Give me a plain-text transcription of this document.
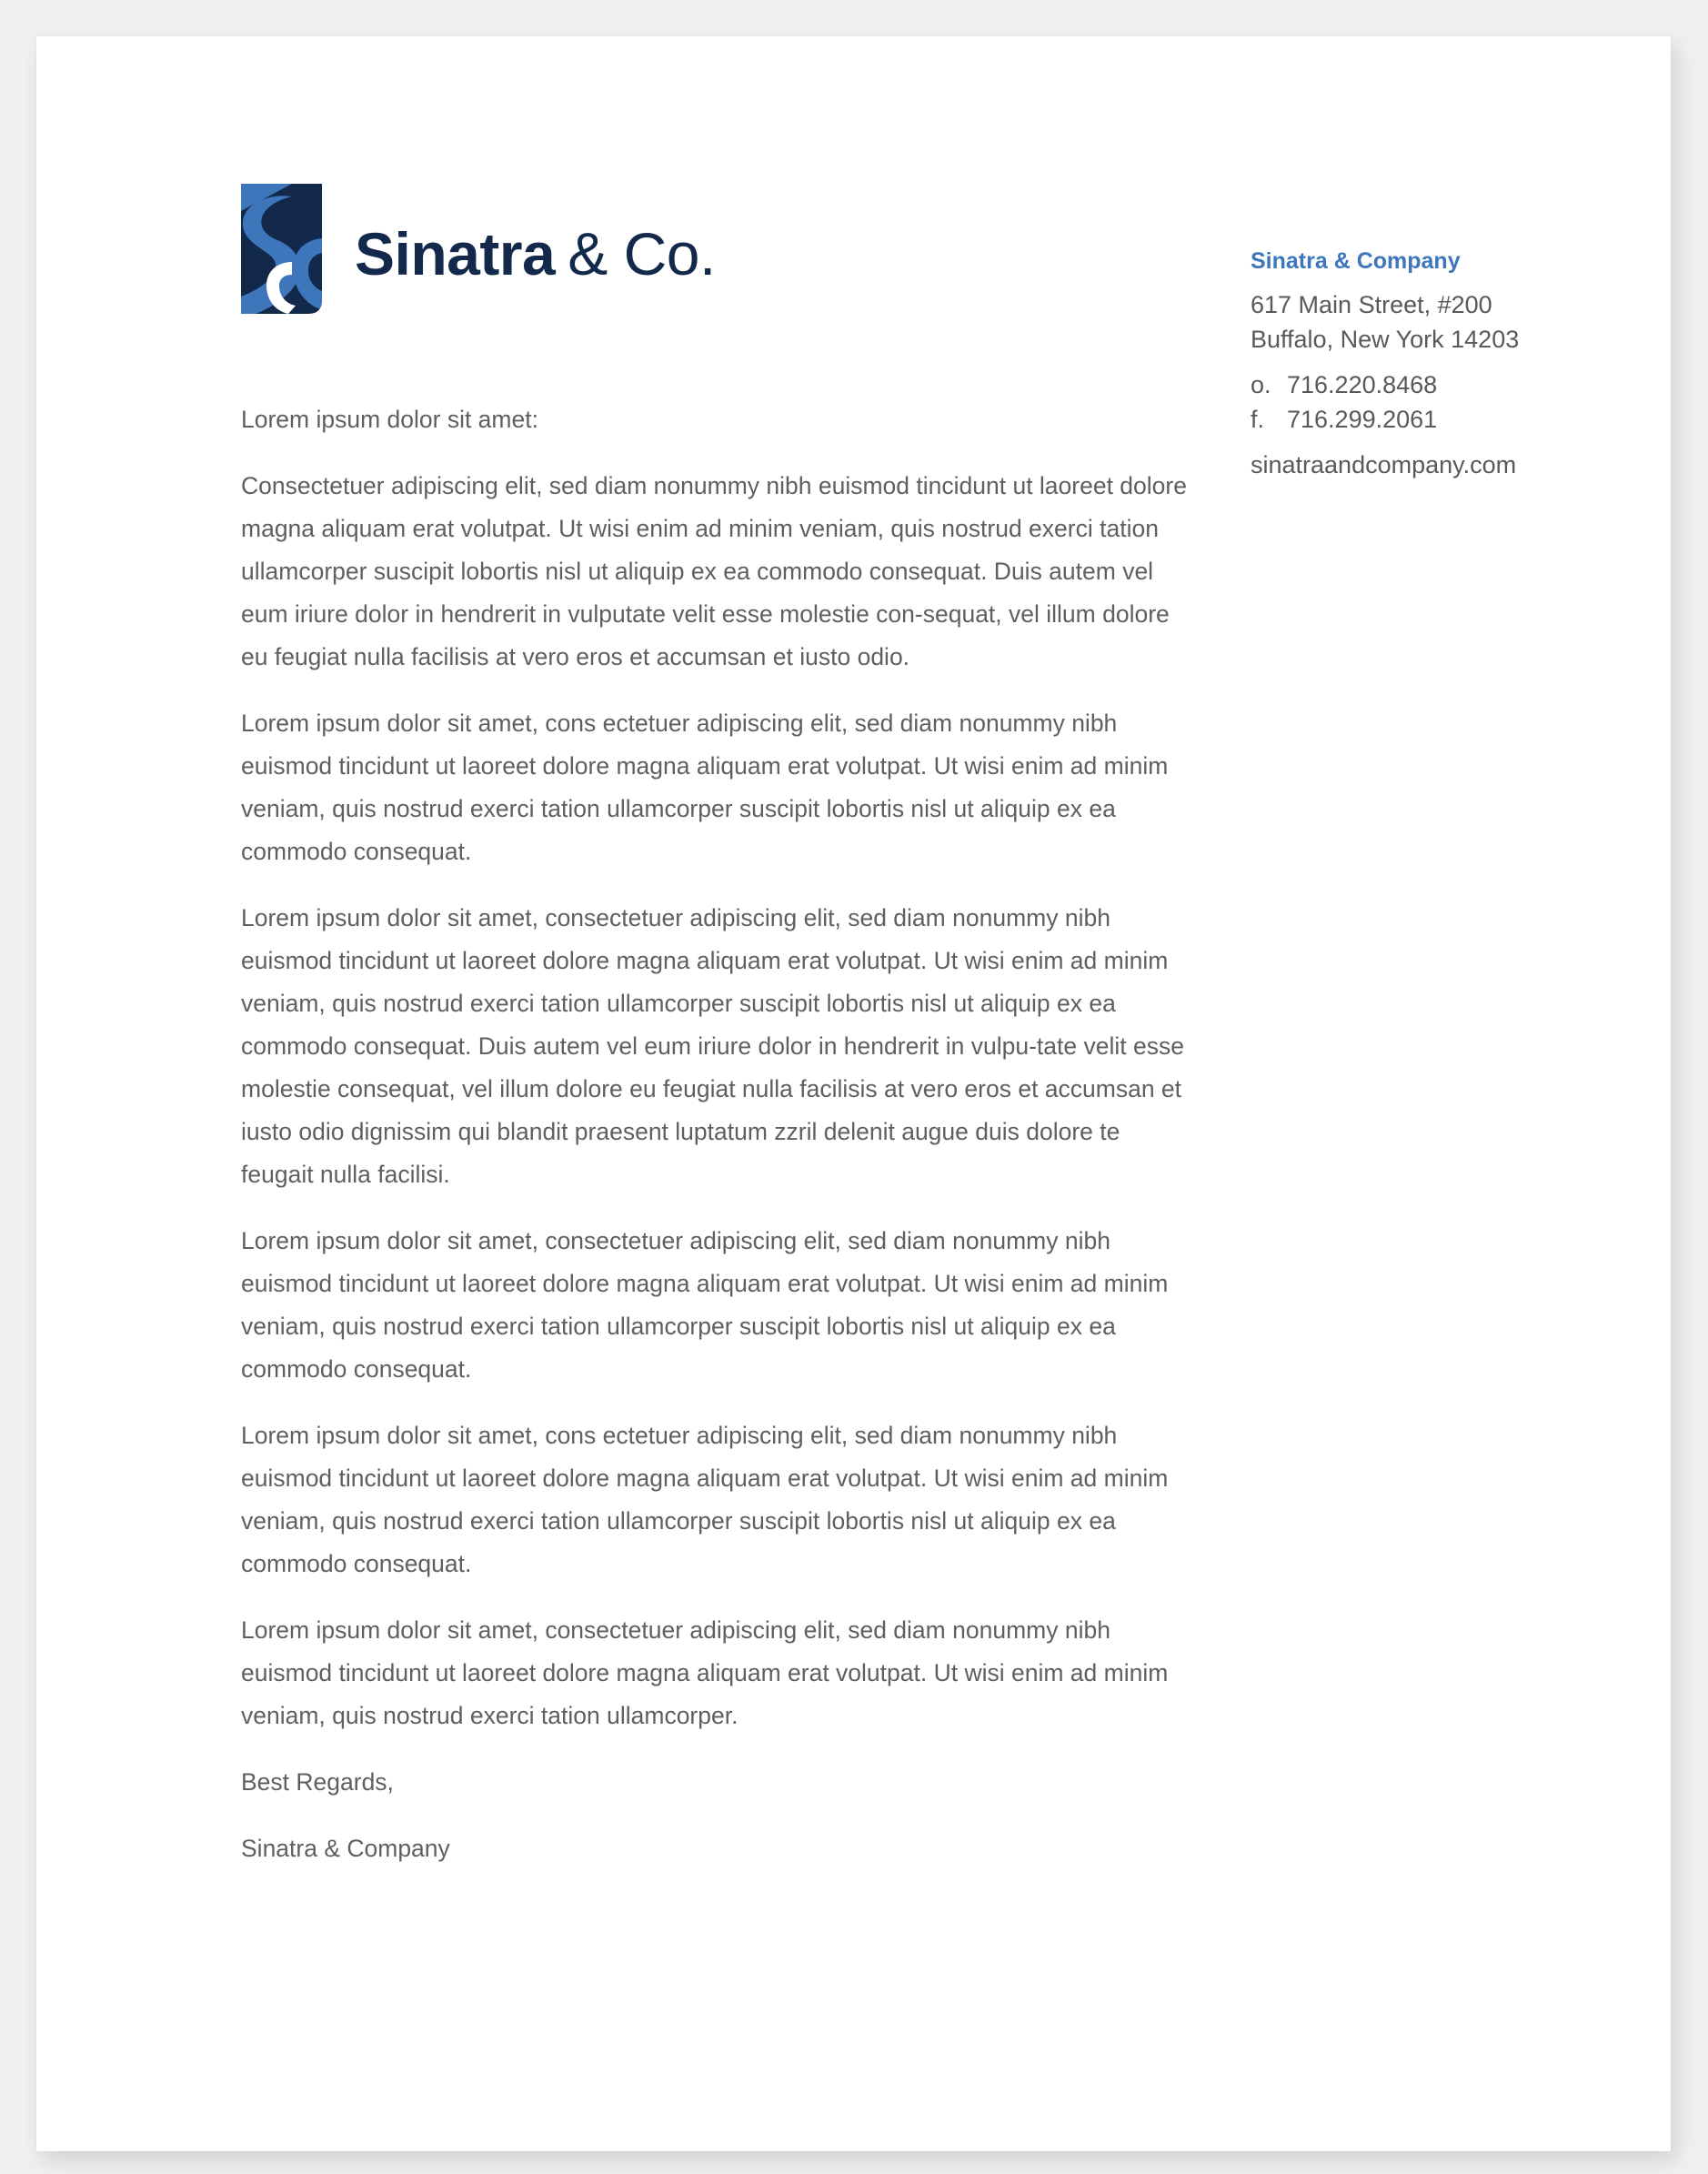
Sinatra & Co.	Sinatra & Company
617 Main Street, #200
Buffalo, New York 14203
o. 716.220.8468
f. 716.299.2061
sinatraandcompany.com

Lorem ipsum dolor sit amet:

Consectetuer adipiscing elit, sed diam nonummy nibh euismod tincidunt ut laoreet dolore magna aliquam erat volutpat. Ut wisi enim ad minim veniam, quis nostrud exerci tation ullamcorper suscipit lobortis nisl ut aliquip ex ea commodo consequat. Duis autem vel eum iriure dolor in hendrerit in vulputate velit esse molestie con-sequat, vel illum dolore eu feugiat nulla facilisis at vero eros et accumsan et iusto odio.

Lorem ipsum dolor sit amet, cons ectetuer adipiscing elit, sed diam nonummy nibh euismod tincidunt ut laoreet dolore magna aliquam erat volutpat. Ut wisi enim ad minim veniam, quis nostrud exerci tation ullamcorper suscipit lobortis nisl ut aliquip ex ea commodo consequat.

Lorem ipsum dolor sit amet, consectetuer adipiscing elit, sed diam nonummy nibh euismod tincidunt ut laoreet dolore magna aliquam erat volutpat. Ut wisi enim ad minim veniam, quis nostrud exerci tation ullamcorper suscipit lobortis nisl ut aliquip ex ea commodo consequat. Duis autem vel eum iriure dolor in hendrerit in vulpu-tate velit esse molestie consequat, vel illum dolore eu feugiat nulla facilisis at vero eros et accumsan et iusto odio dignissim qui blandit praesent luptatum zzril delenit augue duis dolore te feugait nulla facilisi.

Lorem ipsum dolor sit amet, consectetuer adipiscing elit, sed diam nonummy nibh euismod tincidunt ut laoreet dolore magna aliquam erat volutpat. Ut wisi enim ad minim veniam, quis nostrud exerci tation ullamcorper suscipit lobortis nisl ut aliquip ex ea commodo consequat.

Lorem ipsum dolor sit amet, cons ectetuer adipiscing elit, sed diam nonummy nibh euismod tincidunt ut laoreet dolore magna aliquam erat volutpat. Ut wisi enim ad minim veniam, quis nostrud exerci tation ullamcorper suscipit lobortis nisl ut aliquip ex ea commodo consequat.

Lorem ipsum dolor sit amet, consectetuer adipiscing elit, sed diam nonummy nibh euismod tincidunt ut laoreet dolore magna aliquam erat volutpat. Ut wisi enim ad minim veniam, quis nostrud exerci tation ullamcorper.

Best Regards,

Sinatra & Company
